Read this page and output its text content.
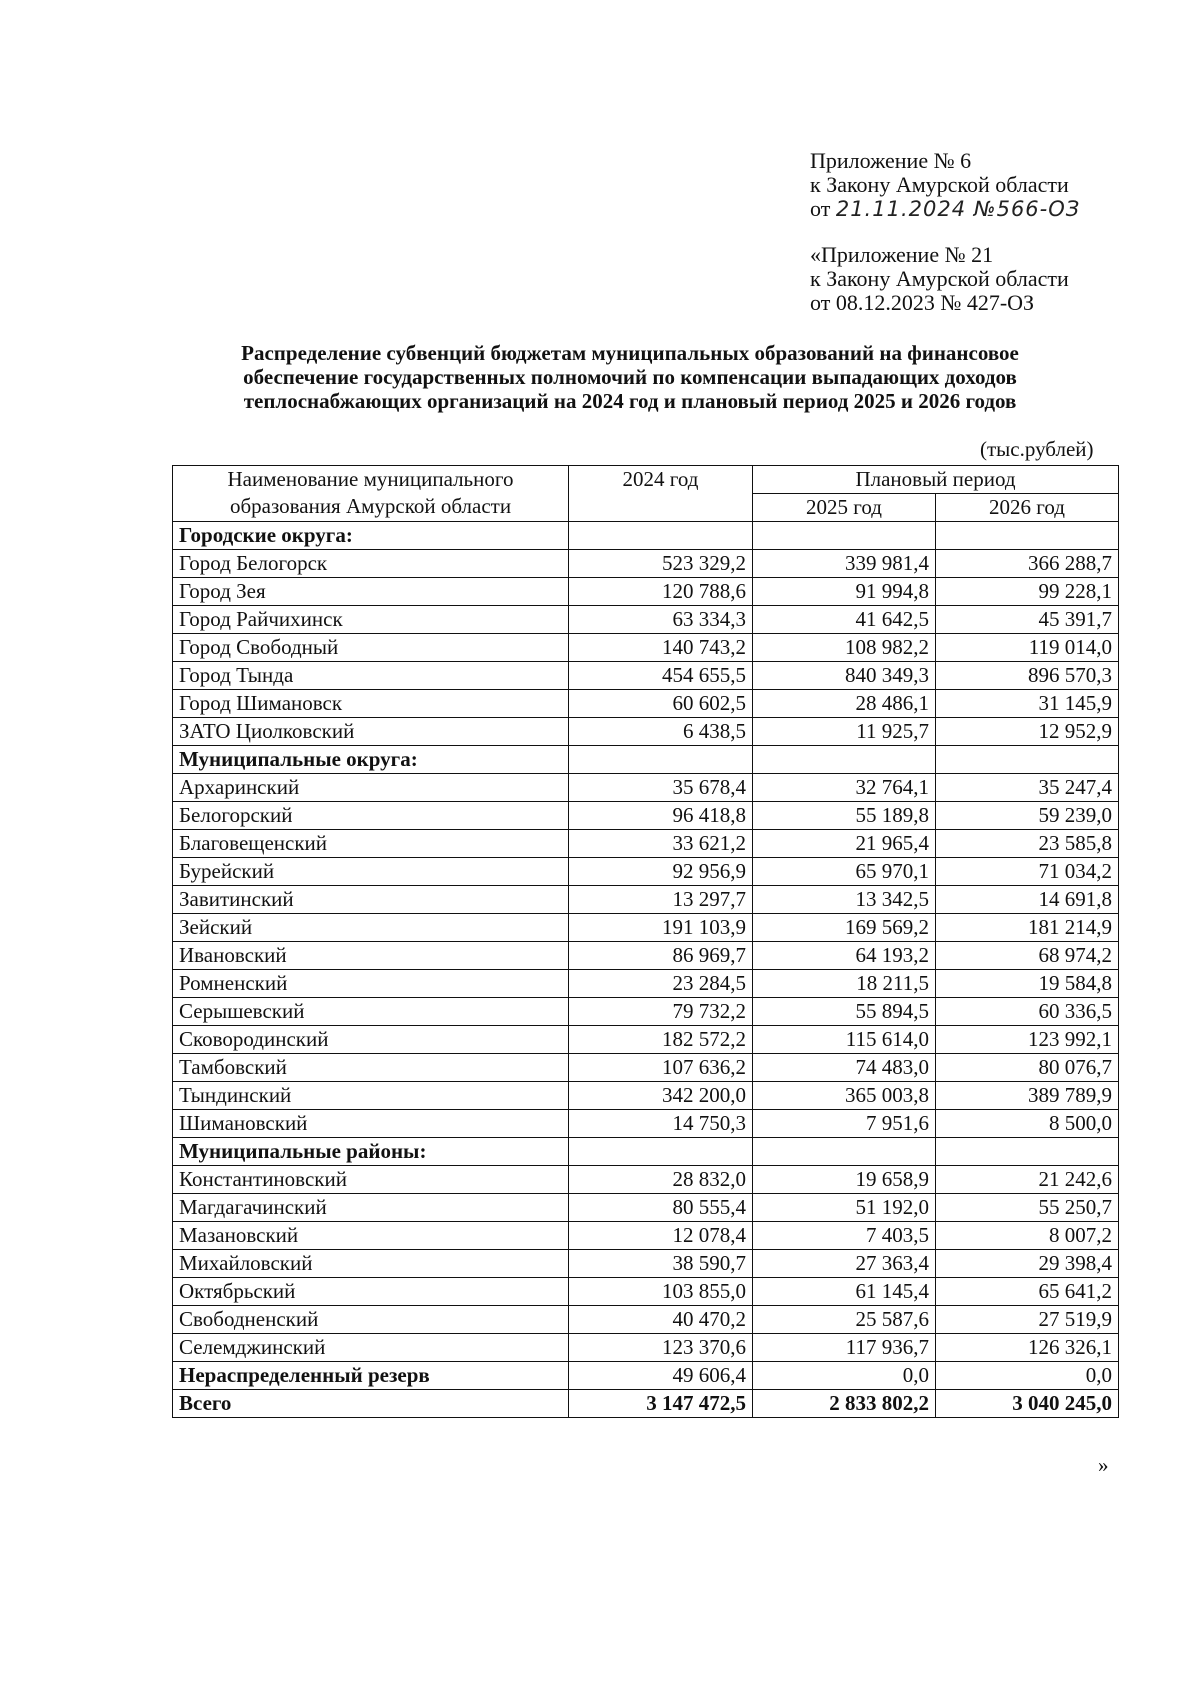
Приложение № 6
к Закону Амурской области
от 21.11.2024 №566-ОЗ
«Приложение № 21
к Закону Амурской области
от 08.12.2023 № 427-ОЗ
Распределение субвенций бюджетам муниципальных образований на финансовое
обеспечение государственных полномочий по компенсации выпадающих доходов
теплоснабжающих организаций на 2024 год и плановый период 2025 и 2026 годов
(тыс.рублей)
Наименование муниципального образования Амурской области	2024 год	Плановый период	
		2025 год	2026 год
Городские округа:			
Город Белогорск	523 329,2	339 981,4	366 288,7
Город Зея	120 788,6	91 994,8	99 228,1
Город Райчихинск	63 334,3	41 642,5	45 391,7
Город Свободный	140 743,2	108 982,2	119 014,0
Город Тында	454 655,5	840 349,3	896 570,3
Город Шимановск	60 602,5	28 486,1	31 145,9
ЗАТО Циолковский	6 438,5	11 925,7	12 952,9
Муниципальные округа:			
Архаринский	35 678,4	32 764,1	35 247,4
Белогорский	96 418,8	55 189,8	59 239,0
Благовещенский	33 621,2	21 965,4	23 585,8
Бурейский	92 956,9	65 970,1	71 034,2
Завитинский	13 297,7	13 342,5	14 691,8
Зейский	191 103,9	169 569,2	181 214,9
Ивановский	86 969,7	64 193,2	68 974,2
Ромненский	23 284,5	18 211,5	19 584,8
Серышевский	79 732,2	55 894,5	60 336,5
Сковородинский	182 572,2	115 614,0	123 992,1
Тамбовский	107 636,2	74 483,0	80 076,7
Тындинский	342 200,0	365 003,8	389 789,9
Шимановский	14 750,3	7 951,6	8 500,0
Муниципальные районы:			
Константиновский	28 832,0	19 658,9	21 242,6
Магдагачинский	80 555,4	51 192,0	55 250,7
Мазановский	12 078,4	7 403,5	8 007,2
Михайловский	38 590,7	27 363,4	29 398,4
Октябрьский	103 855,0	61 145,4	65 641,2
Свободненский	40 470,2	25 587,6	27 519,9
Селемджинский	123 370,6	117 936,7	126 326,1
Нераспределенный резерв	49 606,4	0,0	0,0
Всего	3 147 472,5	2 833 802,2	3 040 245,0
»
